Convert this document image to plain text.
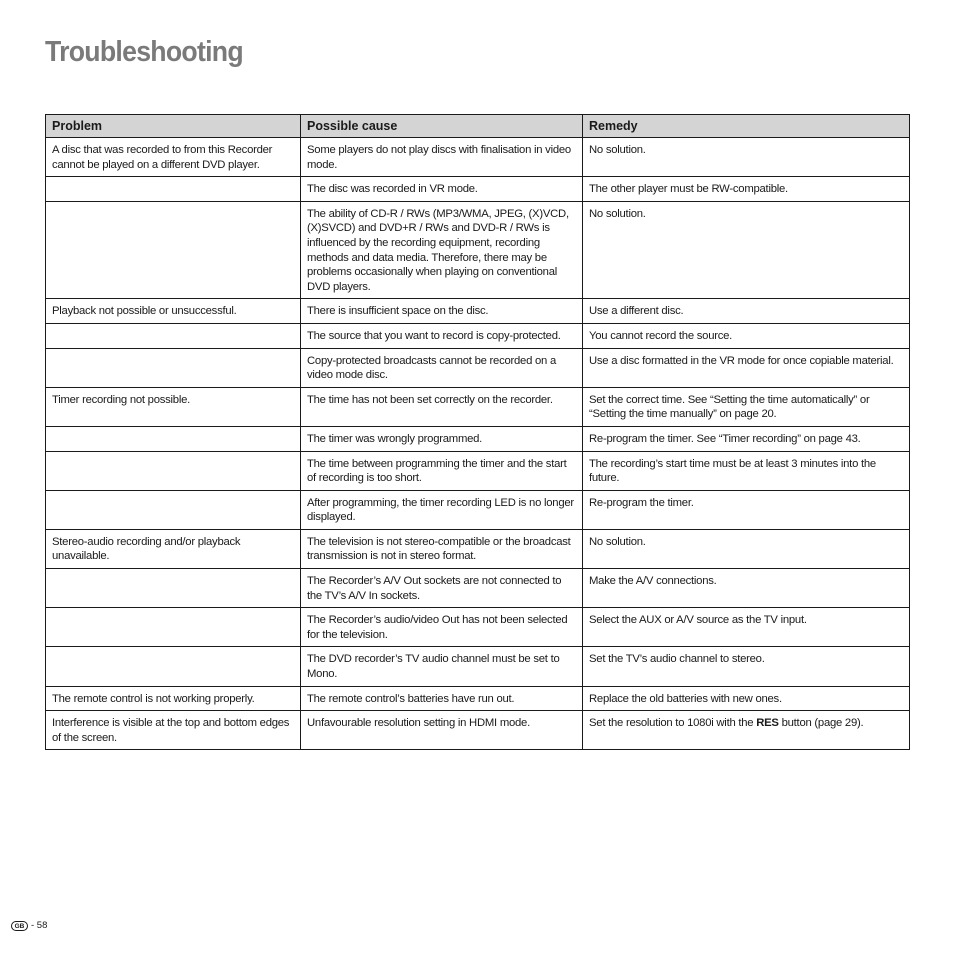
Troubleshooting
Problem	Possible cause	Remedy
A disc that was recorded to from this Recorder cannot be played on a different DVD player.	Some players do not play discs with finalisation in video mode.	No solution.
	The disc was recorded in VR mode.	The other player must be RW-compatible.
	The ability of CD-R / RWs (MP3/WMA, JPEG, (X)VCD, (X)SVCD) and DVD+R / RWs and DVD-R / RWs is influenced by the recording equipment, recording methods and data media. Therefore, there may be problems occasionally when playing on conventional DVD players.	No solution.
Playback not possible or unsuccessful.	There is insufficient space on the disc.	Use a different disc.
	The source that you want to record is copy-protected.	You cannot record the source.
	Copy-protected broadcasts cannot be recorded on a video mode disc.	Use a disc formatted in the VR mode for once copiable material.
Timer recording not possible.	The time has not been set correctly on the recorder.	Set the correct time. See “Setting the time automatically” or “Setting the time manually” on page 20.
	The timer was wrongly programmed.	Re-program the timer. See “Timer recording” on page 43.
	The time between programming the timer and the start of recording is too short.	The recording’s start time must be at least 3 minutes into the future.
	After programming, the timer recording LED is no longer displayed.	Re-program the timer.
Stereo-audio recording and/or playback unavailable.	The television is not stereo-compatible or the broadcast transmission is not in stereo format.	No solution.
	The Recorder’s A/V Out sockets are not connected to the TV’s A/V In sockets.	Make the A/V connections.
	The Recorder’s audio/video Out has not been selected for the television.	Select the AUX or A/V source as the TV input.
	The DVD recorder’s TV audio channel must be set to Mono.	Set the TV’s audio channel to stereo.
The remote control is not working properly.	The remote control’s batteries have run out.	Replace the old batteries with new ones.
Interference is visible at the top and bottom edges of the screen.	Unfavourable resolution setting in HDMI mode.	Set the resolution to 1080i with the RES button (page 29).
GB - 58
